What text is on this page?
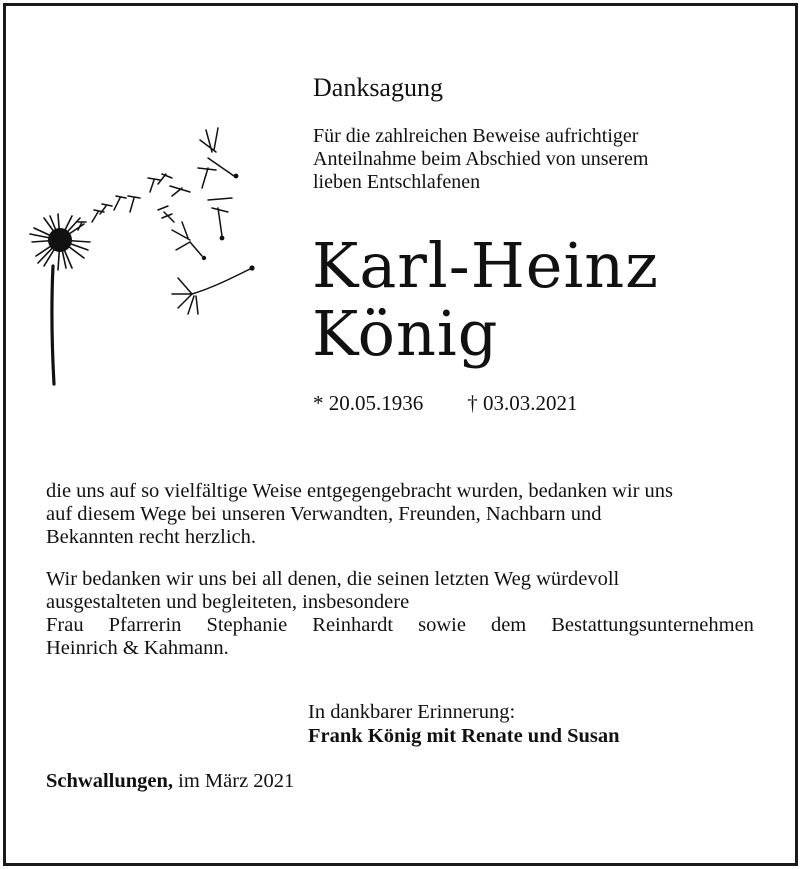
Danksagung
Für die zahlreichen Beweise aufrichtiger
Anteilnahme beim Abschied von unserem
lieben Entschlafenen
Karl-Heinz
König
* 20.05.1936 † 03.03.2021
die uns auf so vielfältige Weise entgegengebracht wurden, bedanken wir uns
auf diesem Wege bei unseren Verwandten, Freunden, Nachbarn und
Bekannten recht herzlich.
Wir bedanken wir uns bei all denen, die seinen letzten Weg würdevoll
ausgestalteten und begleiteten, insbesondere
Frau Pfarrerin Stephanie Reinhardt sowie dem Bestattungsunternehmen
Heinrich & Kahmann.
In dankbarer Erinnerung:
Frank König mit Renate und Susan
Schwallungen, im März 2021
